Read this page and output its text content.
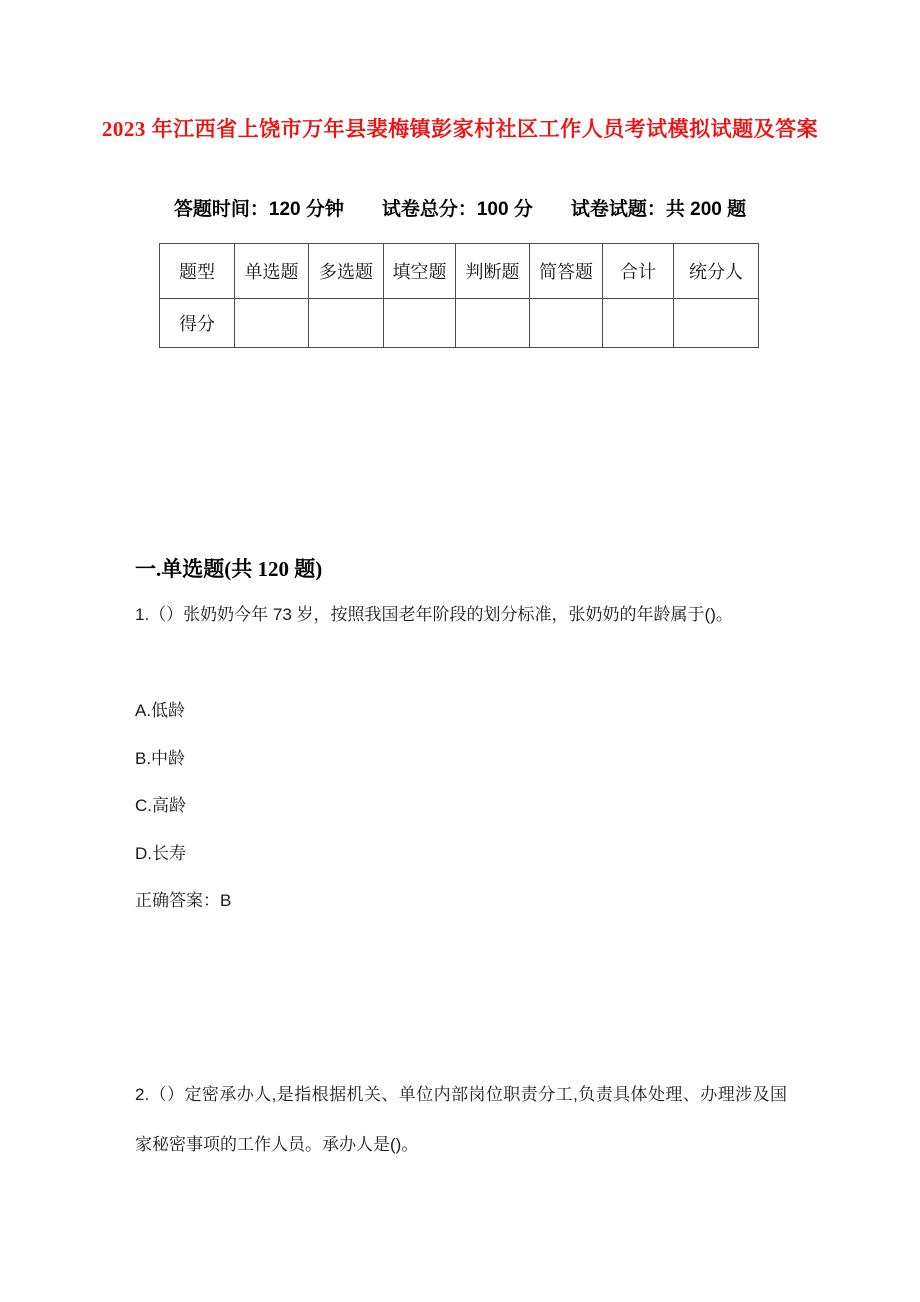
2023 年江西省上饶市万年县裴梅镇彭家村社区工作人员考试模拟试题及答案
答题时间：120 分钟 试卷总分：100 分 试卷试题：共 200 题
题型	单选题	多选题	填空题	判断题	简答题	合计	统分人
得分							
一.单选题(共 120 题)
1.（）张奶奶今年 73 岁，按照我国老年阶段的划分标准，张奶奶的年龄属于()。
A.低龄
B.中龄
C.高龄
D.长寿
正确答案：B
2.（）定密承办人,是指根据机关、单位内部岗位职责分工,负责具体处理、办理涉及国家秘密事项的工作人员。承办人是()。
